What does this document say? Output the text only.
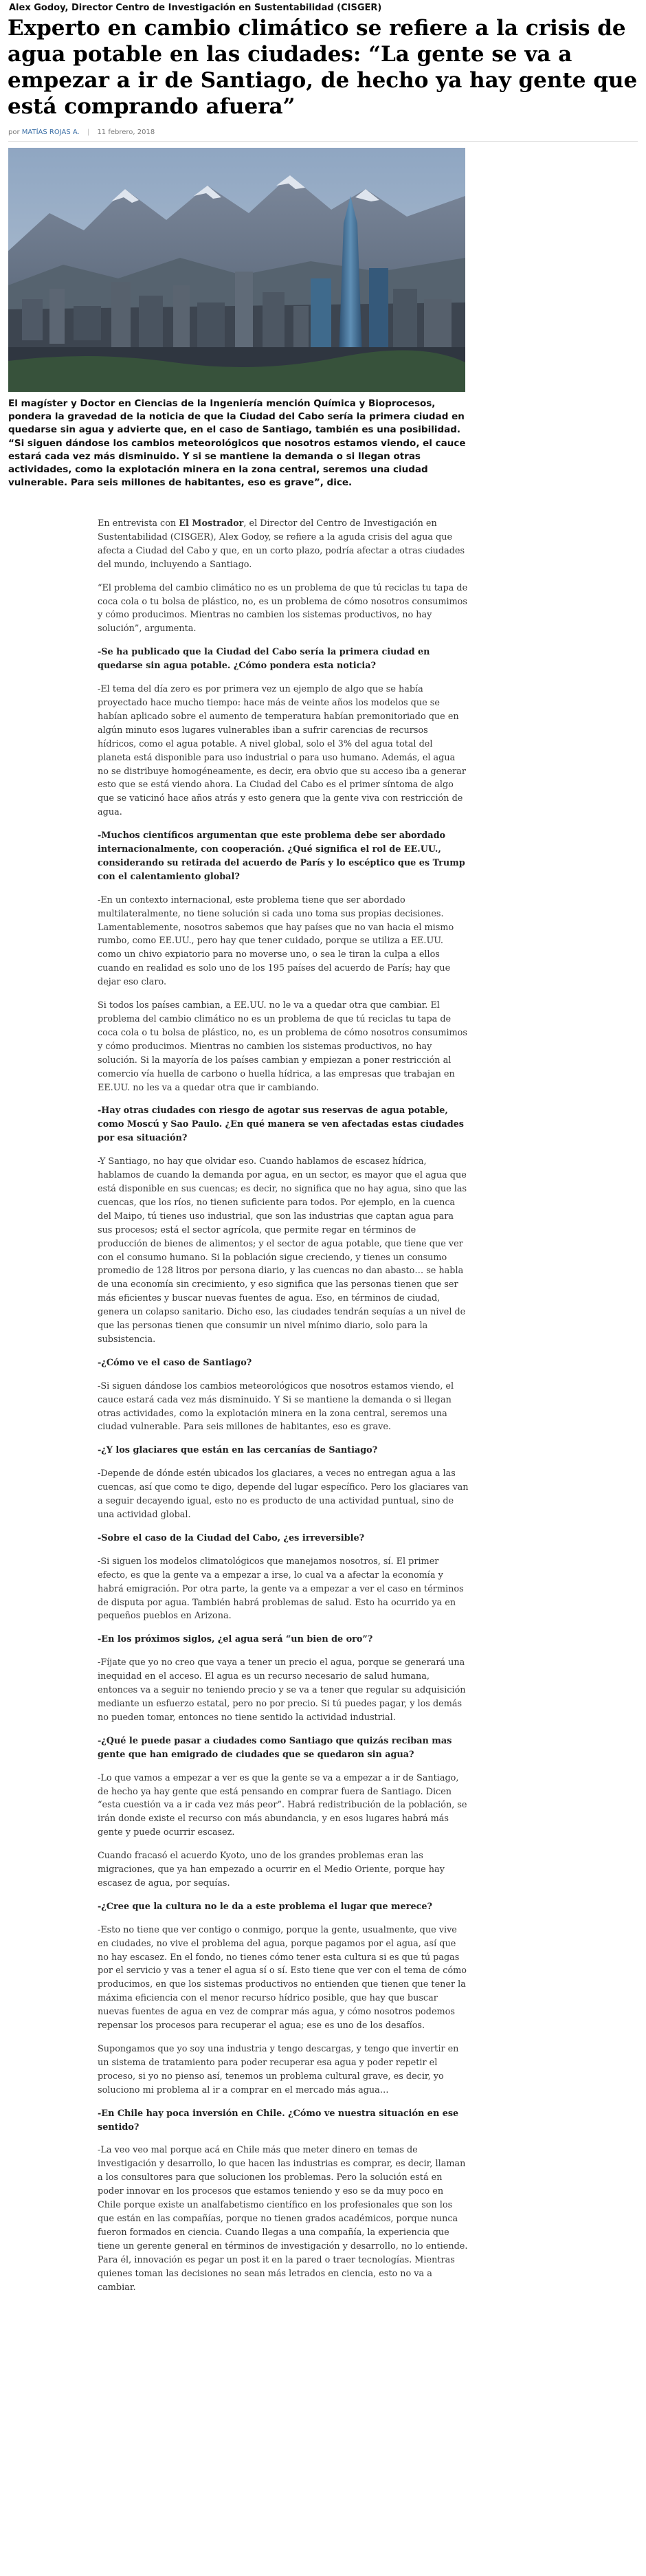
Alex Godoy, Director Centro de Investigación en Sustentabilidad (CISGER)
Experto en cambio climático se refiere a la crisis de agua potable en las ciudades: “La gente se va a empezar a ir de Santiago, de hecho ya hay gente que está comprando afuera”
por MATÍAS ROJAS A. | 11 febrero, 2018
El magíster y Doctor en Ciencias de la Ingeniería mención Química y Bioprocesos, pondera la gravedad de la noticia de que la Ciudad del Cabo sería la primera ciudad en quedarse sin agua y advierte que, en el caso de Santiago, también es una posibilidad. “Si siguen dándose los cambios meteorológicos que nosotros estamos viendo, el cauce estará cada vez más disminuido. Y si se mantiene la demanda o si llegan otras actividades, como la explotación minera en la zona central, seremos una ciudad vulnerable. Para seis millones de habitantes, eso es grave”, dice.

En entrevista con El Mostrador, el Director del Centro de Investigación en Sustentabilidad (CISGER), Alex Godoy, se refiere a la aguda crisis del agua que afecta a Ciudad del Cabo y que, en un corto plazo, podría afectar a otras ciudades del mundo, incluyendo a Santiago.

“El problema del cambio climático no es un problema de que tú reciclas tu tapa de coca cola o tu bolsa de plástico, no, es un problema de cómo nosotros consumimos y cómo producimos. Mientras no cambien los sistemas productivos, no hay solución”, argumenta.

-Se ha publicado que la Ciudad del Cabo sería la primera ciudad en quedarse sin agua potable. ¿Cómo pondera esta noticia?

-El tema del día zero es por primera vez un ejemplo de algo que se había proyectado hace mucho tiempo: hace más de veinte años los modelos que se habían aplicado sobre el aumento de temperatura habían premonitoriado que en algún minuto esos lugares vulnerables iban a sufrir carencias de recursos hídricos, como el agua potable. A nivel global, solo el 3% del agua total del planeta está disponible para uso industrial o para uso humano. Además, el agua no se distribuye homogéneamente, es decir, era obvio que su acceso iba a generar esto que se está viendo ahora. La Ciudad del Cabo es el primer síntoma de algo que se vaticinó hace años atrás y esto genera que la gente viva con restricción de agua.

-Muchos científicos argumentan que este problema debe ser abordado internacionalmente, con cooperación. ¿Qué significa el rol de EE.UU., considerando su retirada del acuerdo de París y lo escéptico que es Trump con el calentamiento global?

-En un contexto internacional, este problema tiene que ser abordado multilateralmente, no tiene solución si cada uno toma sus propias decisiones. Lamentablemente, nosotros sabemos que hay países que no van hacia el mismo rumbo, como EE.UU., pero hay que tener cuidado, porque se utiliza a EE.UU. como un chivo expiatorio para no moverse uno, o sea le tiran la culpa a ellos cuando en realidad es solo uno de los 195 países del acuerdo de París; hay que dejar eso claro.

Si todos los países cambian, a EE.UU. no le va a quedar otra que cambiar. El problema del cambio climático no es un problema de que tú reciclas tu tapa de coca cola o tu bolsa de plástico, no, es un problema de cómo nosotros consumimos y cómo producimos. Mientras no cambien los sistemas productivos, no hay solución. Si la mayoría de los países cambian y empiezan a poner restricción al comercio vía huella de carbono o huella hídrica, a las empresas que trabajan en EE.UU. no les va a quedar otra que ir cambiando.

-Hay otras ciudades con riesgo de agotar sus reservas de agua potable, como Moscú y Sao Paulo. ¿En qué manera se ven afectadas estas ciudades por esa situación?

-Y Santiago, no hay que olvidar eso. Cuando hablamos de escasez hídrica, hablamos de cuando la demanda por agua, en un sector, es mayor que el agua que está disponible en sus cuencas; es decir, no significa que no hay agua, sino que las cuencas, que los ríos, no tienen suficiente para todos. Por ejemplo, en la cuenca del Maipo, tú tienes uso industrial, que son las industrias que captan agua para sus procesos; está el sector agrícola, que permite regar en términos de producción de bienes de alimentos; y el sector de agua potable, que tiene que ver con el consumo humano. Si la población sigue creciendo, y tienes un consumo promedio de 128 litros por persona diario, y las cuencas no dan abasto… se habla de una economía sin crecimiento, y eso significa que las personas tienen que ser más eficientes y buscar nuevas fuentes de agua. Eso, en términos de ciudad, genera un colapso sanitario. Dicho eso, las ciudades tendrán sequías a un nivel de que las personas tienen que consumir un nivel mínimo diario, solo para la subsistencia.

-¿Cómo ve el caso de Santiago?

-Si siguen dándose los cambios meteorológicos que nosotros estamos viendo, el cauce estará cada vez más disminuido. Y Si se mantiene la demanda o si llegan otras actividades, como la explotación minera en la zona central, seremos una ciudad vulnerable. Para seis millones de habitantes, eso es grave.

-¿Y los glaciares que están en las cercanías de Santiago?

-Depende de dónde estén ubicados los glaciares, a veces no entregan agua a las cuencas, así que como te digo, depende del lugar específico. Pero los glaciares van a seguir decayendo igual, esto no es producto de una actividad puntual, sino de una actividad global.

-Sobre el caso de la Ciudad del Cabo, ¿es irreversible?

-Si siguen los modelos climatológicos que manejamos nosotros, sí. El primer efecto, es que la gente va a empezar a irse, lo cual va a afectar la economía y habrá emigración. Por otra parte, la gente va a empezar a ver el caso en términos de disputa por agua. También habrá problemas de salud. Esto ha ocurrido ya en pequeños pueblos en Arizona.

-En los próximos siglos, ¿el agua será “un bien de oro”?

-Fíjate que yo no creo que vaya a tener un precio el agua, porque se generará una inequidad en el acceso. El agua es un recurso necesario de salud humana, entonces va a seguir no teniendo precio y se va a tener que regular su adquisición mediante un esfuerzo estatal, pero no por precio. Si tú puedes pagar, y los demás no pueden tomar, entonces no tiene sentido la actividad industrial.

-¿Qué le puede pasar a ciudades como Santiago que quizás reciban mas gente que han emigrado de ciudades que se quedaron sin agua?

-Lo que vamos a empezar a ver es que la gente se va a empezar a ir de Santiago, de hecho ya hay gente que está pensando en comprar fuera de Santiago. Dicen “esta cuestión va a ir cada vez más peor”. Habrá redistribución de la población, se irán donde existe el recurso con más abundancia, y en esos lugares habrá más gente y puede ocurrir escasez.

Cuando fracasó el acuerdo Kyoto, uno de los grandes problemas eran las migraciones, que ya han empezado a ocurrir en el Medio Oriente, porque hay escasez de agua, por sequías.

-¿Cree que la cultura no le da a este problema el lugar que merece?

-Esto no tiene que ver contigo o conmigo, porque la gente, usualmente, que vive en ciudades, no vive el problema del agua, porque pagamos por el agua, así que no hay escasez. En el fondo, no tienes cómo tener esta cultura si es que tú pagas por el servicio y vas a tener el agua sí o sí. Esto tiene que ver con el tema de cómo producimos, en que los sistemas productivos no entienden que tienen que tener la máxima eficiencia con el menor recurso hídrico posible, que hay que buscar nuevas fuentes de agua en vez de comprar más agua, y cómo nosotros podemos repensar los procesos para recuperar el agua; ese es uno de los desafíos.

Supongamos que yo soy una industria y tengo descargas, y tengo que invertir en un sistema de tratamiento para poder recuperar esa agua y poder repetir el proceso, si yo no pienso así, tenemos un problema cultural grave, es decir, yo soluciono mi problema al ir a comprar en el mercado más agua…

-En Chile hay poca inversión en Chile. ¿Cómo ve nuestra situación en ese sentido?

-La veo veo mal porque acá en Chile más que meter dinero en temas de investigación y desarrollo, lo que hacen las industrias es comprar, es decir, llaman a los consultores para que solucionen los problemas. Pero la solución está en poder innovar en los procesos que estamos teniendo y eso se da muy poco en Chile porque existe un analfabetismo científico en los profesionales que son los que están en las compañías, porque no tienen grados académicos, porque nunca fueron formados en ciencia. Cuando llegas a una compañía, la experiencia que tiene un gerente general en términos de investigación y desarrollo, no lo entiende. Para él, innovación es pegar un post it en la pared o traer tecnologías. Mientras quienes toman las decisiones no sean más letrados en ciencia, esto no va a cambiar.
